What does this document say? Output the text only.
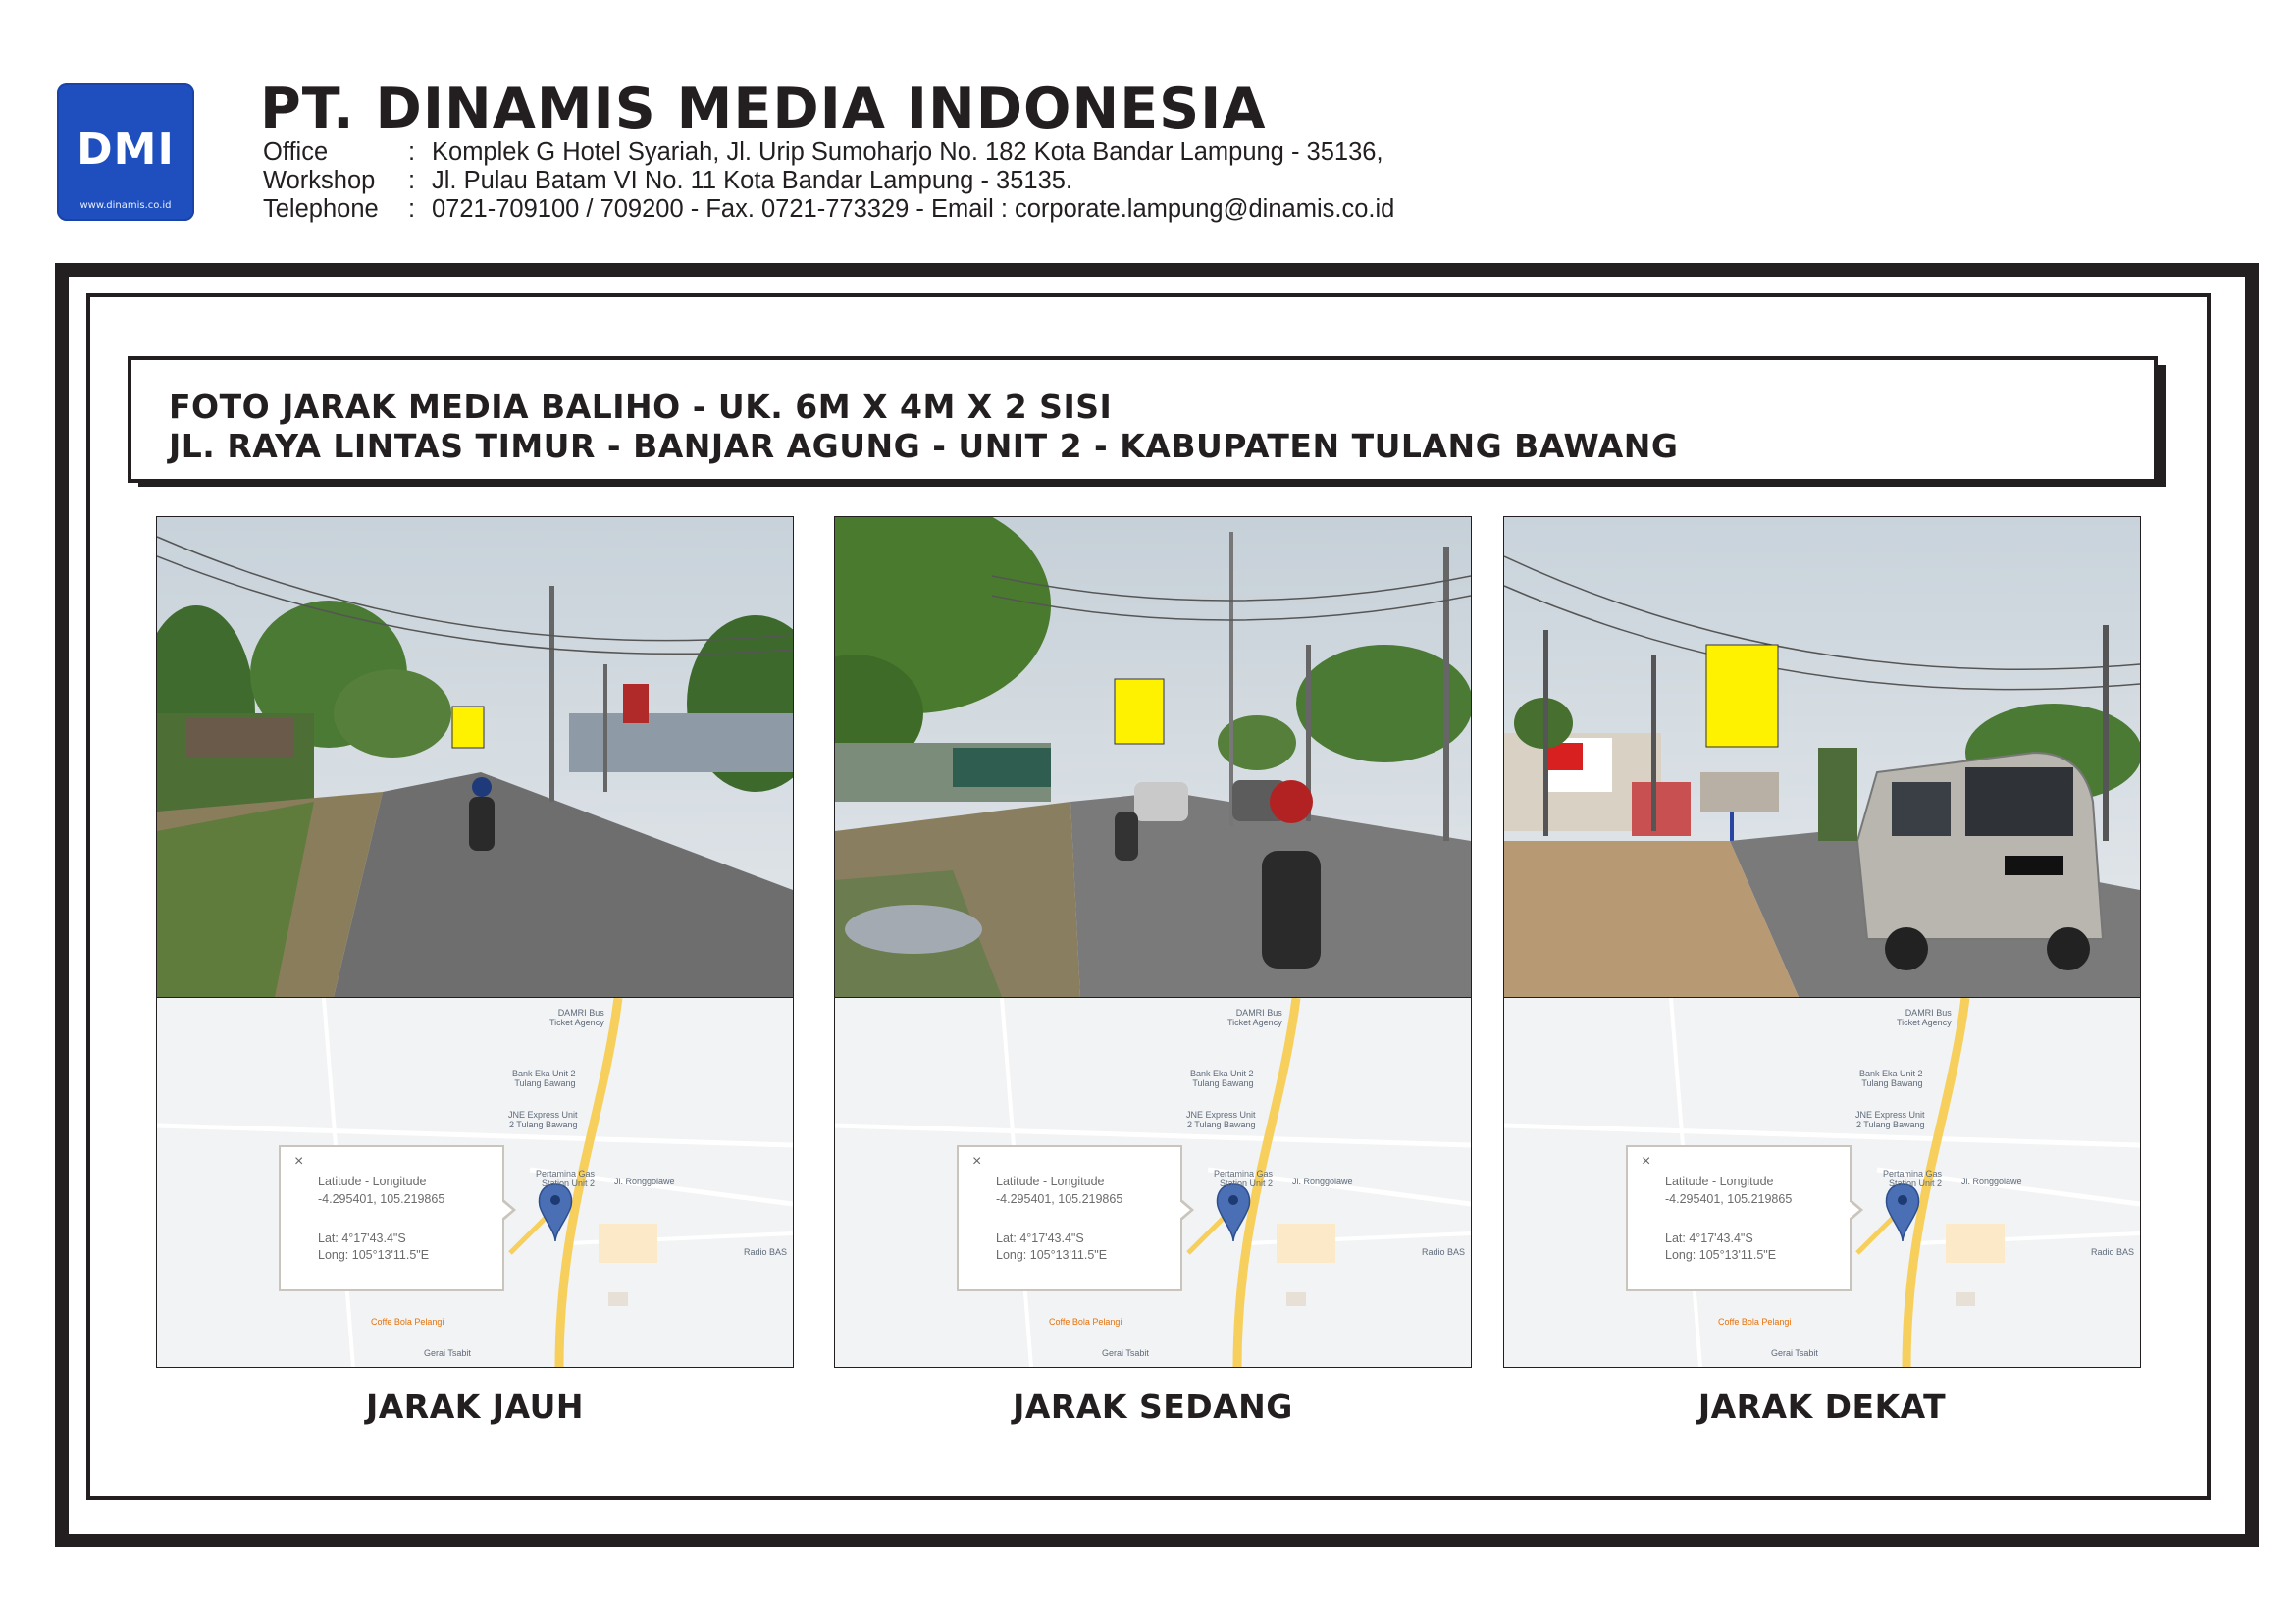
DMI
www.dinamis.co.id
PT. DINAMIS MEDIA INDONESIA
Office	: Komplek G Hotel Syariah, Jl. Urip Sumoharjo No. 182 Kota Bandar Lampung - 35136,
Workshop	: Jl. Pulau Batam VI No. 11 Kota Bandar Lampung - 35135.
Telephone	: 0721-709100 / 709200 - Fax. 0721-773329 - Email : corporate.lampung@dinamis.co.id
FOTO JARAK MEDIA BALIHO - UK. 6M X 4M X 2 SISI
JL. RAYA LINTAS TIMUR - BANJAR AGUNG - UNIT 2 - KABUPATEN TULANG BAWANG
DAMRI Bus
Ticket Agency
Bank Eka Unit 2
Tulang Bawang
JNE Express Unit
2 Tulang Bawang
Pertamina Gas
Station Unit 2 Jl. Ronggolawe
Radio BAS
Coffe Bola Pelangi
Gerai Tsabit
×
Latitude - Longitude
-4.295401, 105.219865
Lat: 4°17'43.4"S
Long: 105°13'11.5"E
JARAK JAUH
DAMRI Bus
Ticket Agency
Bank Eka Unit 2
Tulang Bawang
JNE Express Unit
2 Tulang Bawang
Pertamina Gas
Station Unit 2 Jl. Ronggolawe
Radio BAS
Coffe Bola Pelangi
Gerai Tsabit
×
Latitude - Longitude
-4.295401, 105.219865
Lat: 4°17'43.4"S
Long: 105°13'11.5"E
JARAK SEDANG
DAMRI Bus
Ticket Agency
Bank Eka Unit 2
Tulang Bawang
JNE Express Unit
2 Tulang Bawang
Pertamina Gas
Station Unit 2 Jl. Ronggolawe
Radio BAS
Coffe Bola Pelangi
Gerai Tsabit
×
Latitude - Longitude
-4.295401, 105.219865
Lat: 4°17'43.4"S
Long: 105°13'11.5"E
JARAK DEKAT
